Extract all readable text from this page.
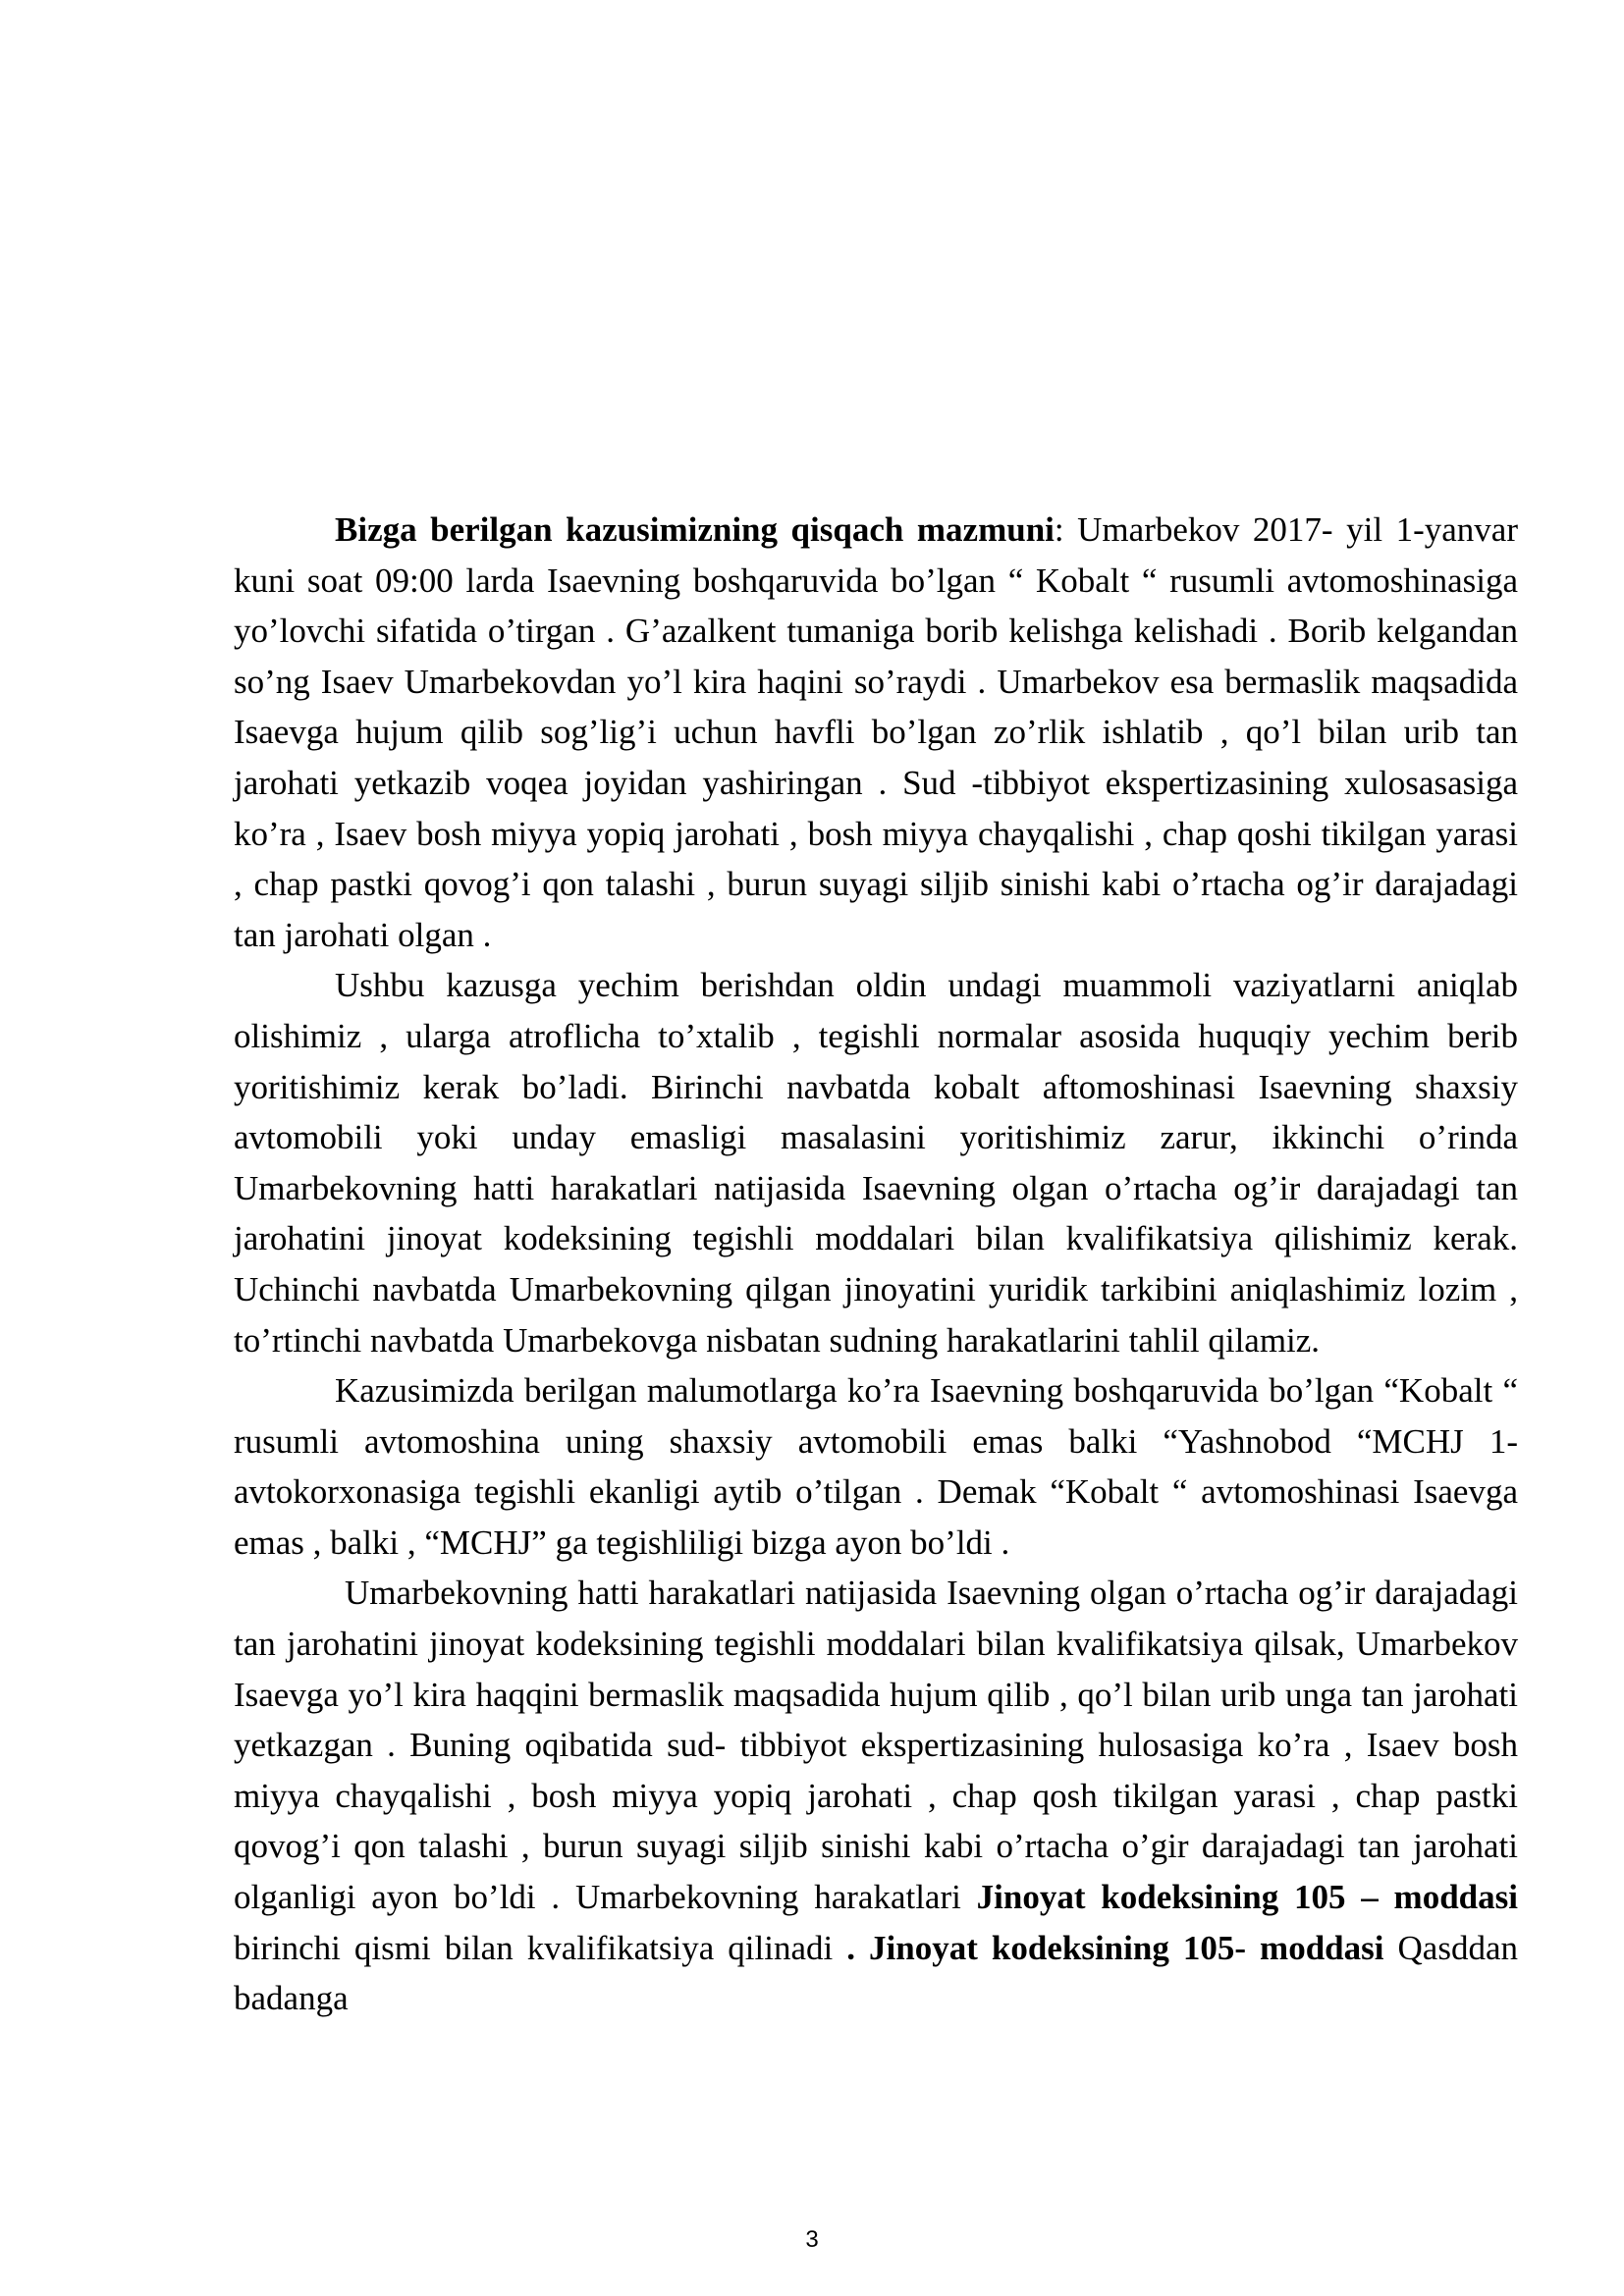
Bizga berilgan kazusimizning qisqach mazmuni: Umarbekov 2017- yil 1-yanvar kuni soat 09:00 larda Isaevning boshqaruvida bo’lgan “ Kobalt “ rusumli avtomoshinasiga yo’lovchi sifatida o’tirgan . G’azalkent tumaniga borib kelishga kelishadi . Borib kelgandan so’ng Isaev Umarbekovdan yo’l kira haqini so’raydi . Umarbekov esa bermaslik maqsadida Isaevga hujum qilib sog’lig’i uchun havfli bo’lgan zo’rlik ishlatib , qo’l bilan urib tan jarohati yetkazib voqea joyidan yashiringan . Sud -tibbiyot ekspertizasining xulosasasiga ko’ra , Isaev bosh miyya yopiq jarohati , bosh miyya chayqalishi , chap qoshi tikilgan yarasi , chap pastki qovog’i qon talashi , burun suyagi siljib sinishi kabi o’rtacha og’ir darajadagi tan jarohati olgan .

Ushbu kazusga yechim berishdan oldin undagi muammoli vaziyatlarni aniqlab olishimiz , ularga atroflicha to’xtalib , tegishli normalar asosida huquqiy yechim berib yoritishimiz kerak bo’ladi. Birinchi navbatda kobalt aftomoshinasi Isaevning shaxsiy avtomobili yoki unday emasligi masalasini yoritishimiz zarur, ikkinchi o’rinda Umarbekovning hatti harakatlari natijasida Isaevning olgan o’rtacha og’ir darajadagi tan jarohatini jinoyat kodeksining tegishli moddalari bilan kvalifikatsiya qilishimiz kerak. Uchinchi navbatda Umarbekovning qilgan jinoyatini yuridik tarkibini aniqlashimiz lozim , to’rtinchi navbatda Umarbekovga nisbatan sudning harakatlarini tahlil qilamiz.

Kazusimizda berilgan malumotlarga ko’ra Isaevning boshqaruvida bo’lgan “Kobalt “ rusumli avtomoshina uning shaxsiy avtomobili emas balki “Yashnobod “MCHJ 1-avtokorxonasiga tegishli ekanligi aytib o’tilgan . Demak “Kobalt “ avtomoshinasi Isaevga emas , balki , “MCHJ” ga tegishliligi bizga ayon bo’ldi .

Umarbekovning hatti harakatlari natijasida Isaevning olgan o’rtacha og’ir darajadagi tan jarohatini jinoyat kodeksining tegishli moddalari bilan kvalifikatsiya qilsak, Umarbekov Isaevga yo’l kira haqqini bermaslik maqsadida hujum qilib , qo’l bilan urib unga tan jarohati yetkazgan . Buning oqibatida sud- tibbiyot ekspertizasining hulosasiga ko’ra , Isaev bosh miyya chayqalishi , bosh miyya yopiq jarohati , chap qosh tikilgan yarasi , chap pastki qovog’i qon talashi , burun suyagi siljib sinishi kabi o’rtacha o’gir darajadagi tan jarohati olganligi ayon bo’ldi . Umarbekovning harakatlari Jinoyat kodeksining 105 – moddasi birinchi qismi bilan kvalifikatsiya qilinadi . Jinoyat kodeksining 105- moddasi Qasddan badanga

3
